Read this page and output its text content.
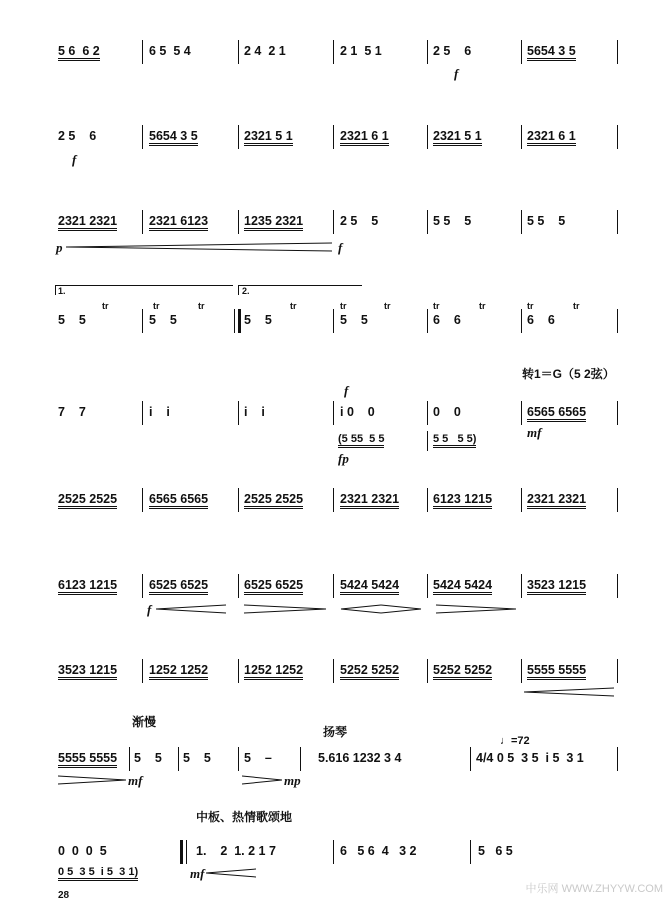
5 6  6 2	6 5  5 4	2 4  2 1	2 1  5 1	2 5    6
f
5654 3 5
2 5    6
f
5654 3 5	2321 5 1	2321 6 1	2321 5 1	2321 6 1
2321 2321	2321 6123	1235 2321	2 5    5	5 5    5	5 5    5
p	f
1.	2.
tr	tr	tr	tr	tr	tr	tr	tr	tr	tr
5    5	5    5	5    5	5    5	6    6	6    6
转1＝G（5 2弦）
f
7    7	i    i	i    i	i 0    0	0    0	6565 6565
mf
(5 55  5 5
fp
5 5   5 5)
2525 2525	6565 6565	2525 2525	2321 2321	6123 1215	2321 2321
6123 1215	6525 6525	6525 6525	5424 5424	5424 5424	3523 1215
f
3523 1215	1252 1252	1252 1252	5252 5252	5252 5252	5555 5555
渐慢
扬琴
♩=72
5555 5555 5    5 5    5	5    –	5.616 1232 3 4	4/4 0 5  3 5  i 5  3 1
mf	mp
中板、热情歌颂地
0  0  0  5	1.    2  1. 2 1 7	6   5 6  4   3 2	5   6 5
0 5  3 5  i 5  3 1)	mf
28
中乐网 WWW.ZHYYW.COM
